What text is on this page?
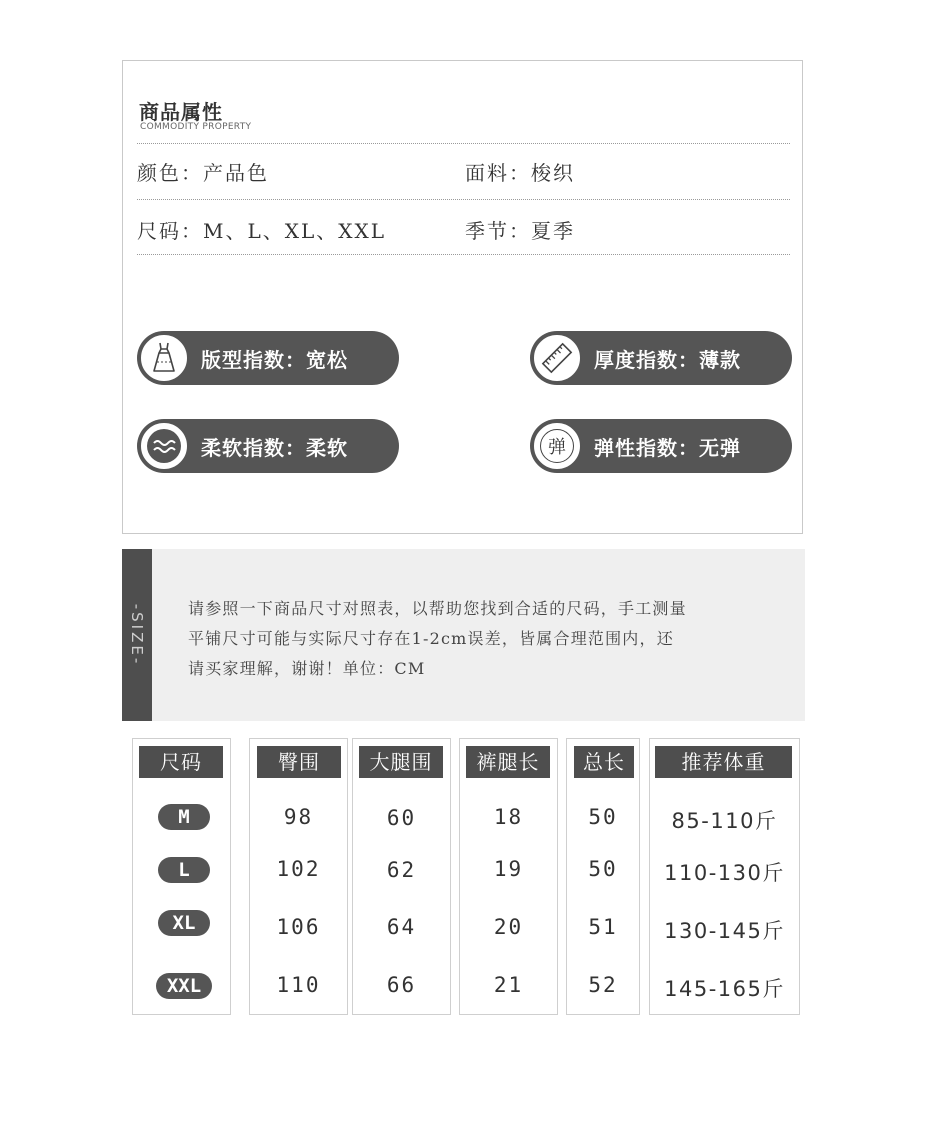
商品属性
COMMODITY PROPERTY
颜色：产品色	面料：梭织
尺码：M、L、XL、XXL	季节：夏季
版型指数：宽松	厚度指数：薄款
柔软指数：柔软	弹	弹性指数：无弹
-SIZE-	请参照一下商品尺寸对照表，以帮助您找到合适的尺码，手工测量
平铺尺寸可能与实际尺寸存在1-2cm误差，皆属合理范围内，还
请买家理解，谢谢！单位：CM
尺码	臀围	大腿围	裤腿长	总长	推荐体重
M	98	60	18	50	85-110斤
L	102	62	19	50	110-130斤
XL	106	64	20	51	130-145斤
XXL	110	66	21	52	145-165斤
